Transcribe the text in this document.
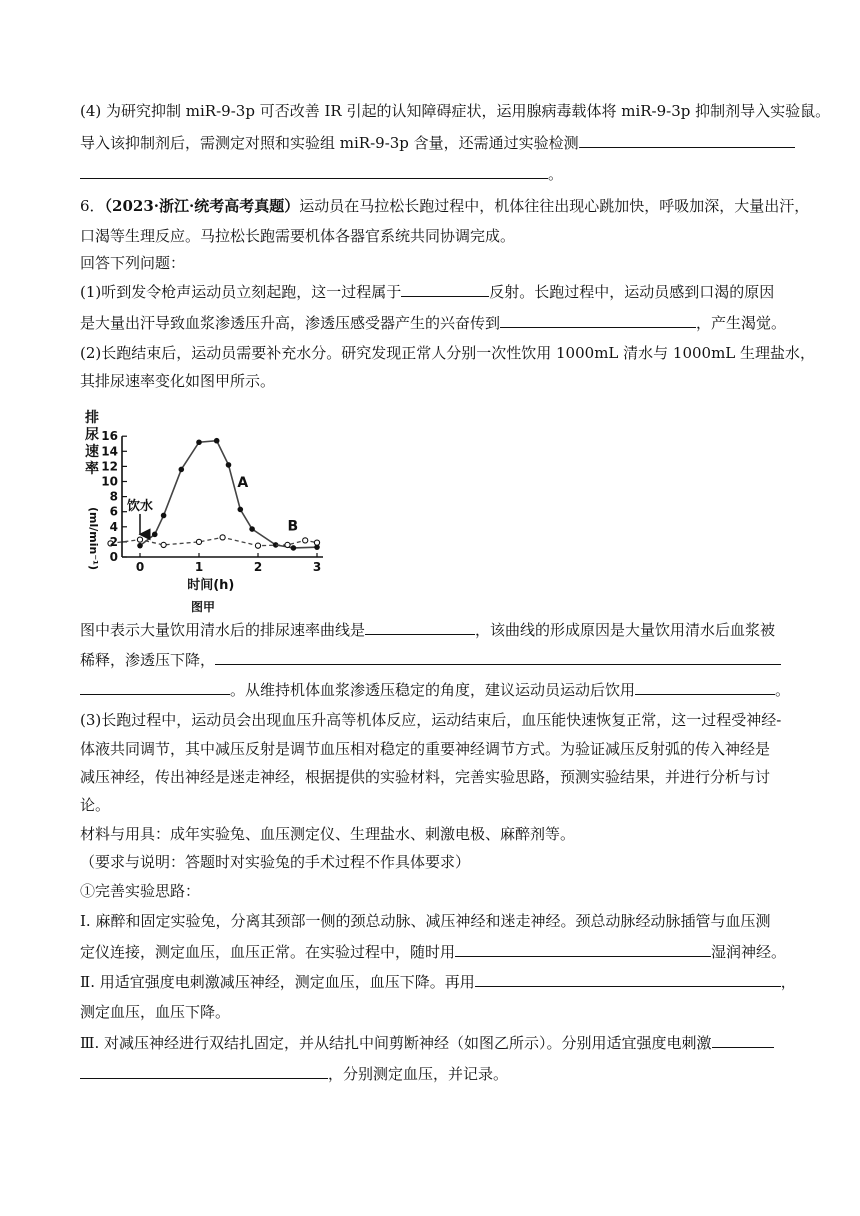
(4) 为研究抑制 miR-9-3p 可否改善 IR 引起的认知障碍症状，运用腺病毒载体将 miR-9-3p 抑制剂导入实验鼠。
导入该抑制剂后，需测定对照和实验组 miR-9-3p 含量，还需通过实验检测
。
6．（2023·浙江·统考高考真题）运动员在马拉松长跑过程中，机体往往出现心跳加快，呼吸加深，大量出汗，
口渴等生理反应。马拉松长跑需要机体各器官系统共同协调完成。
回答下列问题：
(1)听到发令枪声运动员立刻起跑，这一过程属于	反射。长跑过程中，运动员感到口渴的原因
是大量出汗导致血浆渗透压升高，渗透压感受器产生的兴奋传到	，产生渴觉。
(2)长跑结束后，运动员需要补充水分。研究发现正常人分别一次性饮用 1000mL 清水与 1000mL 生理盐水，
其排尿速率变化如图甲所示。
A
B
0
2
4
6
8
10
12
14
16
0	1	2	3
排
尿
速
率
(ml/min⁻¹)
时间(h)
饮水
图甲
图中表示大量饮用清水后的排尿速率曲线是	，该曲线的形成原因是大量饮用清水后血浆被
稀释，渗透压下降，
。从维持机体血浆渗透压稳定的角度，建议运动员运动后饮用	。
(3)长跑过程中，运动员会出现血压升高等机体反应，运动结束后，血压能快速恢复正常，这一过程受神经-
体液共同调节，其中减压反射是调节血压相对稳定的重要神经调节方式。为验证减压反射弧的传入神经是
减压神经，传出神经是迷走神经，根据提供的实验材料，完善实验思路，预测实验结果，并进行分析与讨
论。
材料与用具：成年实验兔、血压测定仪、生理盐水、刺激电极、麻醉剂等。
（要求与说明：答题时对实验兔的手术过程不作具体要求）
①完善实验思路：
I. 麻醉和固定实验兔，分离其颈部一侧的颈总动脉、减压神经和迷走神经。颈总动脉经动脉插管与血压测
定仪连接，测定血压，血压正常。在实验过程中，随时用	湿润神经。
Ⅱ. 用适宜强度电刺激减压神经，测定血压，血压下降。再用	，
测定血压，血压下降。
Ⅲ. 对减压神经进行双结扎固定，并从结扎中间剪断神经（如图乙所示）。分别用适宜强度电刺激
，分别测定血压，并记录。
